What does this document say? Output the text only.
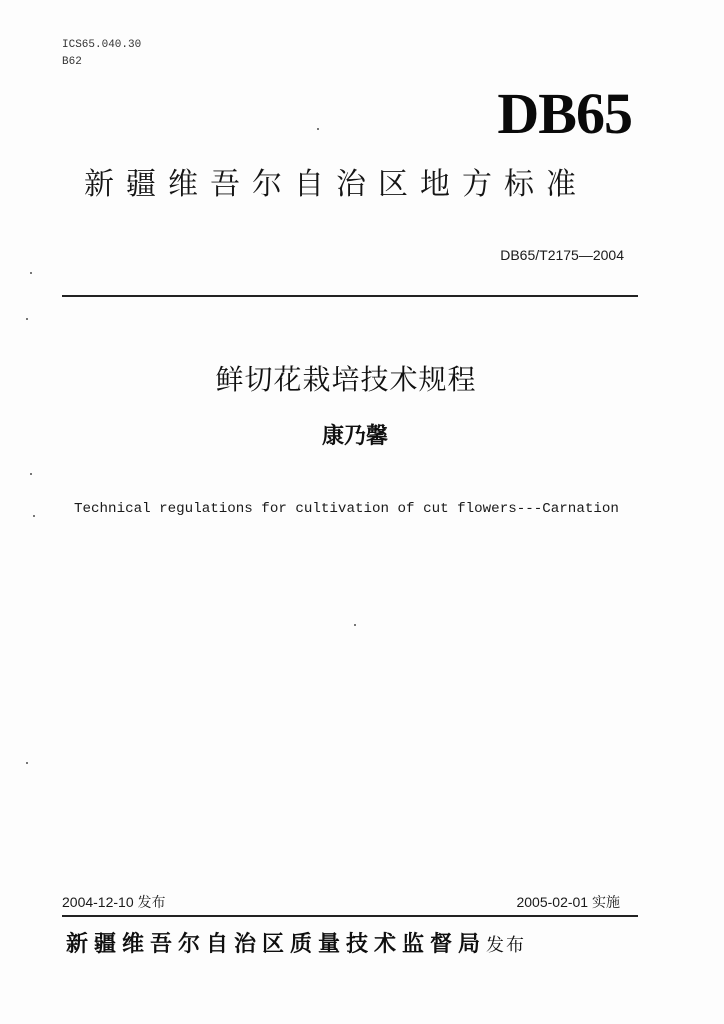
ICS65.040.30
B62
DB65
新疆维吾尔自治区地方标准
DB65/T2175—2004
鲜切花栽培技术规程
康乃馨
Technical regulations for cultivation of cut flowers---Carnation
2004-12-10 发布	2005-02-01 实施
新疆维吾尔自治区质量技术监督局发布
